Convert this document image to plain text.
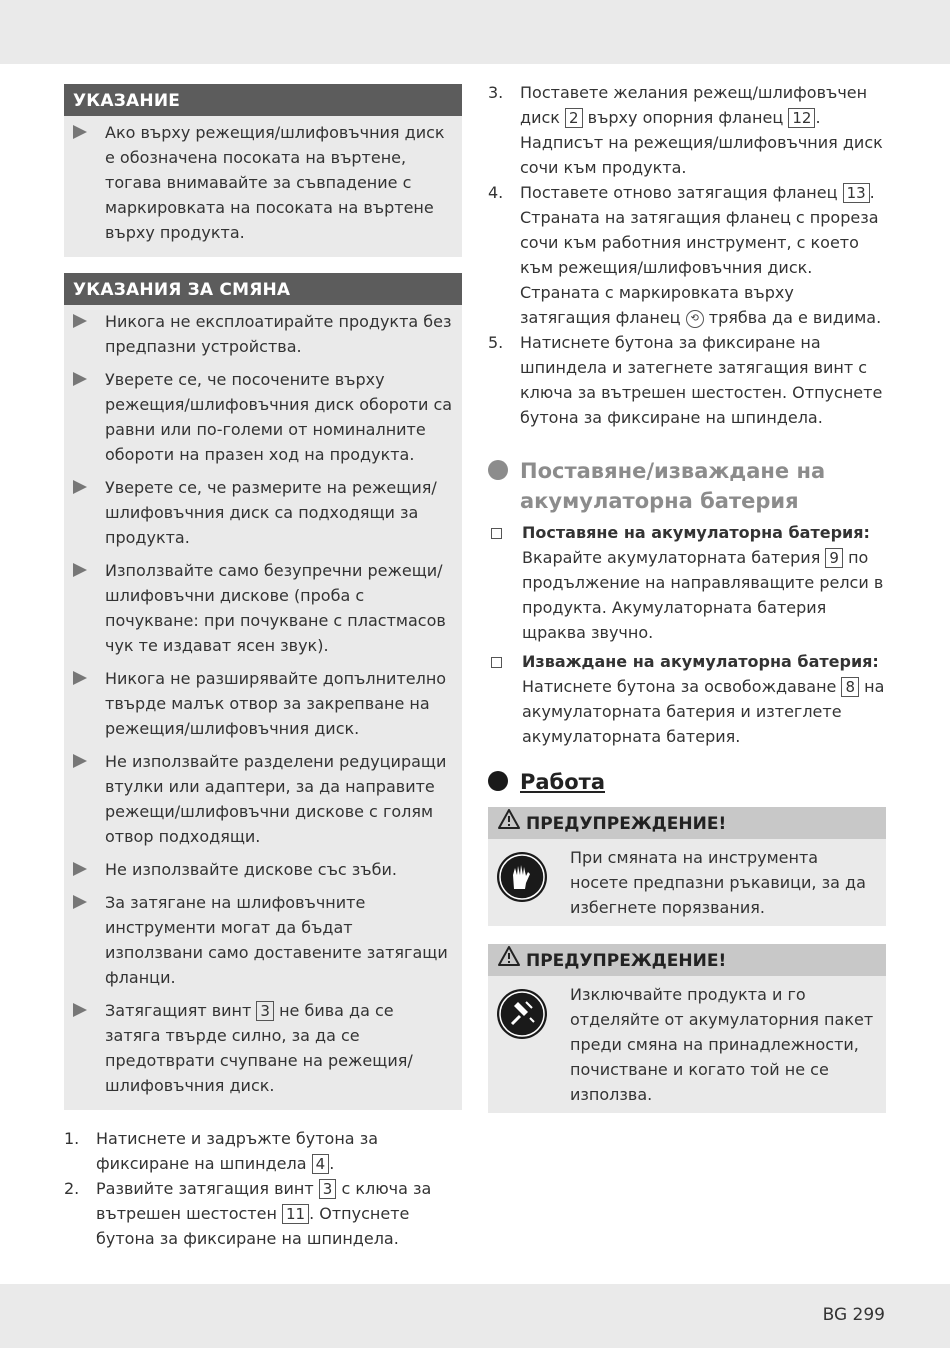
УКАЗАНИЕ
Ако върху режещия/шлифовъчния диск е обозначена посоката на въртене, тогава внимавайте за съвпадение с маркировката на посоката на въртене върху продукта.
УКАЗАНИЯ ЗА СМЯНА
Никога не експлоатирайте продукта без предпазни устройства.
Уверете се, че посочените върху режещия/шлифовъчния диск обороти са равни или по-големи от номиналните обороти на празен ход на продукта.
Уверете се, че размерите на режещия/ шлифовъчния диск са подходящи за продукта.
Използвайте само безупречни режещи/ шлифовъчни дискове (проба с почукване: при почукване с пластмасов чук те издават ясен звук).
Никога не разширявайте допълнително твърде малък отвор за закрепване на режещия/шлифовъчния диск.
Не използвайте разделени редуциращи втулки или адаптери, за да направите режещи/шлифовъчни дискове с голям отвор подходящи.
Не използвайте дискове със зъби.
За затягане на шлифовъчните инструменти могат да бъдат използвани само доставените затягащи фланци.
Затягащият винт 3 не бива да се затяга твърде силно, за да се предотврати счупване на режещия/шлифовъчния диск.
1.	Натиснете и задръжте бутона за фиксиране на шпиндела 4 .
2.	Развийте затягащия винт 3 с ключа за вътрешен шестостен 11 . Отпуснете бутона за фиксиране на шпиндела.
3.	Поставете желания режещ/шлифовъчен диск 2 върху опорния фланец 12 . Надписът на режещия/шлифовъчния диск сочи към продукта.
4.	Поставете отново затягащия фланец 13 . Страната на затягащия фланец с прореза сочи към работния инструмент, с което към режещия/шлифовъчния диск.
Страната с маркировката върху затягащия фланец ⟲ трябва да е видима.
5.	Натиснете бутона за фиксиране на шпиндела и затегнете затягащия винт с ключа за вътрешен шестостен. Отпуснете бутона за фиксиране на шпиндела.
Поставяне/изваждане на акумулаторна батерия
Поставяне на акумулаторна батерия: Вкарайте акумулаторната батерия 9 по продължение на направляващите релси в продукта. Акумулаторната батерия щраква звучно.
Изваждане на акумулаторна батерия: Натиснете бутона за освобождаване 8 на акумулаторната батерия и изтеглете акумулаторната батерия.
Работа
ПРЕДУПРЕЖДЕНИЕ!
При смяната на инструмента носете предпазни ръкавици, за да избегнете порязвания.
ПРЕДУПРЕЖДЕНИЕ!
Изключвайте продукта и го отделяйте от акумулаторния пакет преди смяна на принадлежности, почистване и когато той не се използва.
BG 299
